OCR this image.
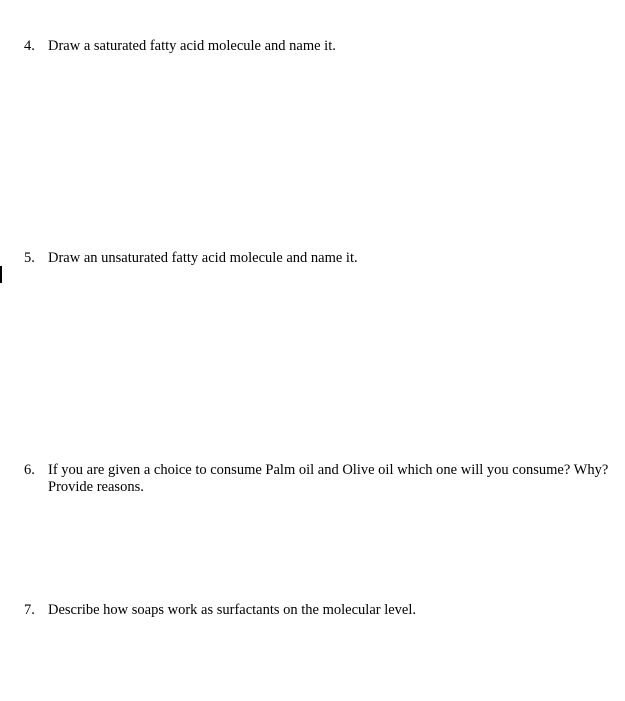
4. Draw a saturated fatty acid molecule and name it.
5. Draw an unsaturated fatty acid molecule and name it.
6. If you are given a choice to consume Palm oil and Olive oil which one will you consume? Why? Provide reasons.
7. Describe how soaps work as surfactants on the molecular level.
